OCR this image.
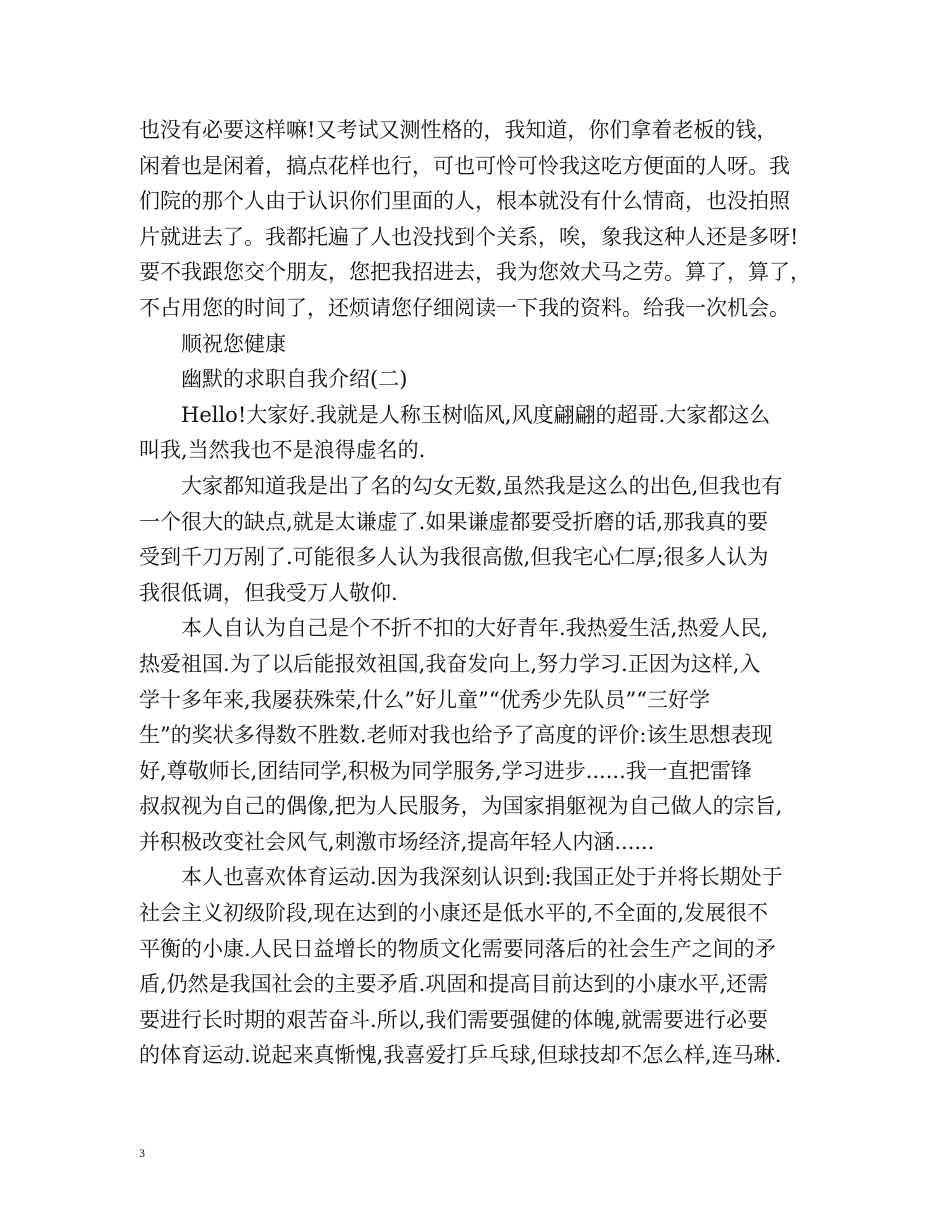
也没有必要这样嘛!又考试又测性格的，我知道，你们拿着老板的钱，

闲着也是闲着，搞点花样也行，可也可怜可怜我这吃方便面的人呀。我

们院的那个人由于认识你们里面的人，根本就没有什么情商，也没拍照

片就进去了。我都托遍了人也没找到个关系，唉，象我这种人还是多呀!

要不我跟您交个朋友，您把我招进去，我为您效犬马之劳。算了，算了，

不占用您的时间了，还烦请您仔细阅读一下我的资料。给我一次机会。

顺祝您健康

幽默的求职自我介绍(二)

Hello!大家好.我就是人称玉树临风,风度翩翩的超哥.大家都这么

叫我,当然我也不是浪得虚名的.

大家都知道我是出了名的勾女无数,虽然我是这么的出色,但我也有

一个很大的缺点,就是太谦虚了.如果谦虚都要受折磨的话,那我真的要

受到千刀万剐了.可能很多人认为我很高傲,但我宅心仁厚;很多人认为

我很低调，但我受万人敬仰.

本人自认为自己是个不折不扣的大好青年.我热爱生活,热爱人民,

热爱祖国.为了以后能报效祖国,我奋发向上,努力学习.正因为这样,入

学十多年来,我屡获殊荣,什么”好儿童”“优秀少先队员”“三好学

生”的奖状多得数不胜数.老师对我也给予了高度的评价:该生思想表现

好,尊敬师长,团结同学,积极为同学服务,学习进步......我一直把雷锋

叔叔视为自己的偶像,把为人民服务，为国家捐躯视为自己做人的宗旨,

并积极改变社会风气,刺激市场经济,提高年轻人内涵......

本人也喜欢体育运动.因为我深刻认识到:我国正处于并将长期处于

社会主义初级阶段,现在达到的小康还是低水平的,不全面的,发展很不

平衡的小康.人民日益增长的物质文化需要同落后的社会生产之间的矛

盾,仍然是我国社会的主要矛盾.巩固和提高目前达到的小康水平,还需

要进行长时期的艰苦奋斗.所以,我们需要强健的体魄,就需要进行必要

的体育运动.说起来真惭愧,我喜爱打乒乓球,但球技却不怎么样,连马琳.

3
